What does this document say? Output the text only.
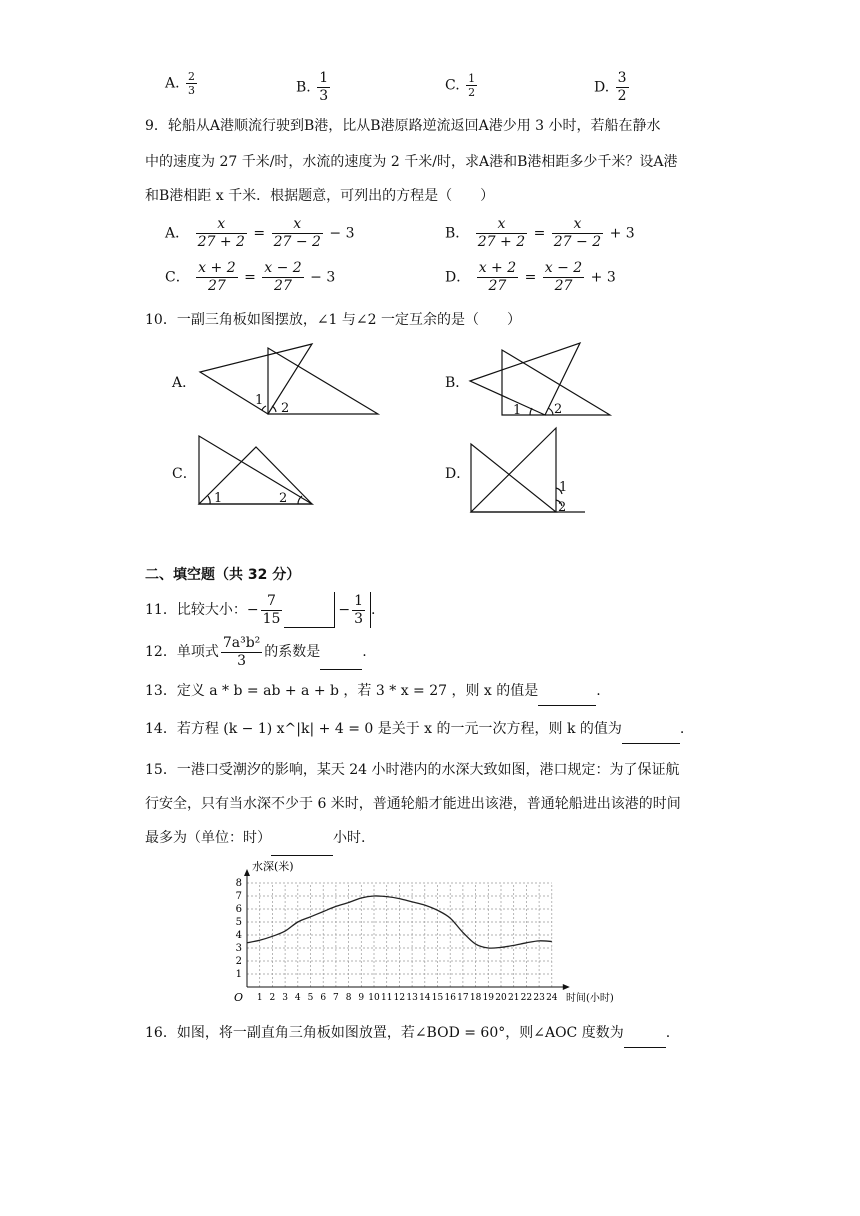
A. $\frac{2}{3}$	B. $\frac{1}{3}$	C. $\frac{1}{2}$	D. $\frac{3}{2}$
9．轮船从A港顺流行驶到B港，比从B港原路逆流返回A港少用 3 小时，若船在静水
中的速度为 27 千米/时，水流的速度为 2 千米/时，求A港和B港相距多少千米？设A港
和B港相距 x 千米．根据题意，可列出的方程是（　　）
A． $\frac{x}{27 + 2} = \frac{x}{27 - 2} - 3$	B． $\frac{x}{27 + 2} = \frac{x}{27 - 2} + 3$
C． $\frac{x + 2}{27} = \frac{x - 2}{27} - 3$	D． $\frac{x + 2}{27} = \frac{x - 2}{27} + 3$
10．一副三角板如图摆放，∠1 与∠2 一定互余的是（　　）
A．	B．
C．	D．
1
2	1	2
1	2
1
2
二、填空题（共 32 分）
11．比较大小：− $\frac{7}{15}$	− $\frac{1}{3}$ .
12．单项式 $\frac{\text{7a³b²}}{3}$ 的系数是	.
13．定义 a * b = ab + a + b ，若 3 * x = 27 ，则 x 的值是	.
14．若方程 (k − 1) x^|k| + 4 = 0 是关于 x 的一元一次方程，则 k 的值为	.
15．一港口受潮汐的影响，某天 24 小时港内的水深大致如图，港口规定：为了保证航
行安全，只有当水深不少于 6 米时，普通轮船才能进出该港，普通轮船进出该港的时间
最多为（单位：时）	小时.
1 2 3 4 5 6 7 8 9 10 11 12 13 14 15 16 17 18 19 20 21 22 23 24
1
2
3
4
5
6
7
8
水深(米)
时间(小时)
O
16．如图，将一副直角三角板如图放置，若∠BOD = 60°，则∠AOC 度数为	.
